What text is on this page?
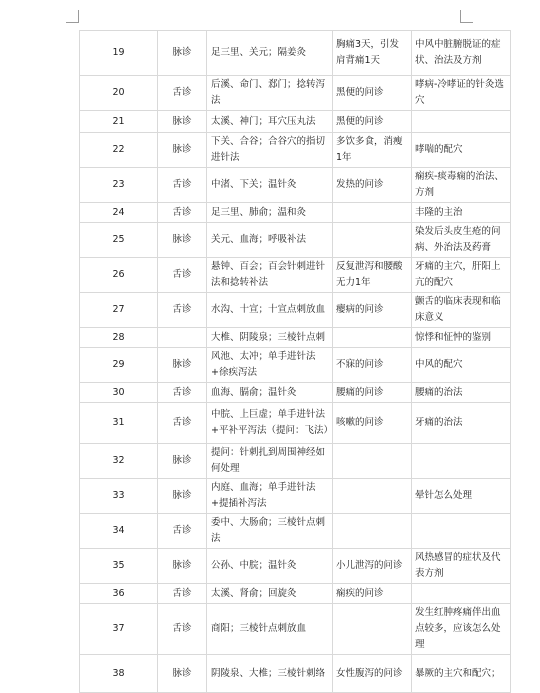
19	脉诊	足三里、关元；隔姜灸	胸痛3天，引发肩背痛1天	中风中脏腑脱证的症状、治法及方剂
20	舌诊	后溪、命门、郄门；捻转泻法	黑便的问诊	哮病-冷哮证的针灸选穴
21	脉诊	太溪、神门；耳穴压丸法	黑便的问诊	
22	脉诊	下关、合谷；合谷穴的指切进针法	多饮多食，消瘦1年	哮喘的配穴
23	舌诊	中渚、下关；温针灸	发热的问诊	痫疾-痰毒痫的治法、方剂
24	舌诊	足三里、肺俞；温和灸		丰隆的主治
25	脉诊	关元、血海；呼吸补法		染发后头皮生疮的问病、外治法及药膏
26	舌诊	悬钟、百会；百会针刺进针法和捻转补法	反复泄泻和腰酸无力1年	牙痛的主穴，肝阳上亢的配穴
27	舌诊	水沟、十宣；十宣点刺放血	瘿病的问诊	颤舌的临床表现和临床意义
28		大椎、阴陵泉；三棱针点刺		惊悸和怔忡的鉴别
29	脉诊	风池、太冲；单手进针法+徐疾泻法	不寐的问诊	中风的配穴
30	舌诊	血海、膈俞；温针灸	腰痛的问诊	腰痛的治法
31	舌诊	中脘、上巨虚；单手进针法+平补平泻法（提问：飞法）	咳嗽的问诊	牙痛的治法
32	脉诊	提问：针刺扎到周围神经如何处理		
33	脉诊	内庭、血海；单手进针法+提插补泻法		晕针怎么处理
34	舌诊	委中、大肠俞；三棱针点刺法		
35	脉诊	公孙、中脘；温针灸	小儿泄泻的问诊	风热感冒的症状及代表方剂
36	舌诊	太溪、肾俞；回旋灸	痫疾的问诊	
37	舌诊	商阳；三棱针点刺放血		发生红肿疼痛伴出血点较多，应该怎么处理
38	脉诊	阴陵泉、大椎；三棱针刺络	女性腹泻的问诊	暴厥的主穴和配穴；
